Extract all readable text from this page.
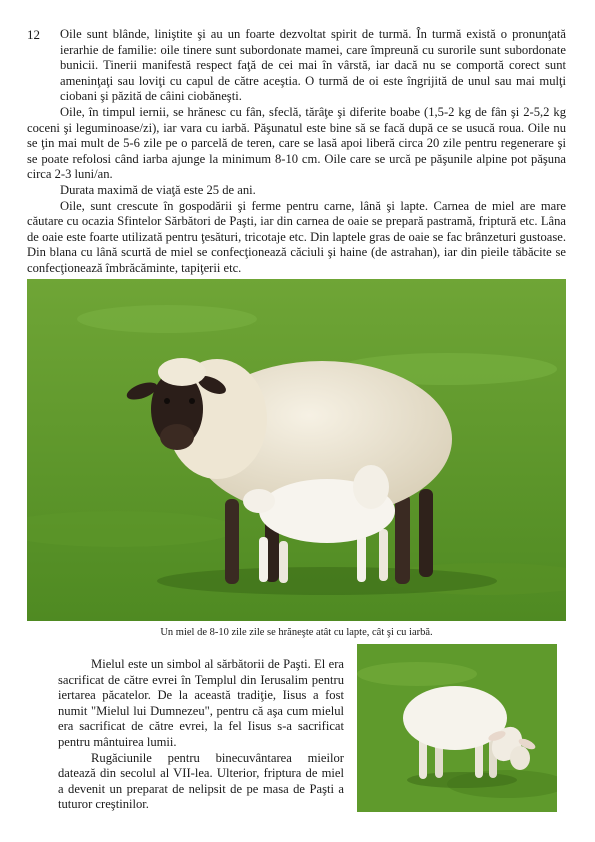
12	Oile sunt blânde, liniştite şi au un foarte dezvoltat spirit de turmă. În turmă există o pronunţată ierarhie de familie: oile tinere sunt subordonate mamei, care împreună cu surorile sunt subordonate bunicii. Tinerii manifestă respect faţă de cei mai în vârstă, iar dacă nu se comportă corect sunt ameninţaţi sau loviţi cu capul de către aceştia. O turmă de oi este îngrijită de unul sau mai mulţi ciobani şi păzită de câini ciobăneşti.

Oile, în timpul iernii, se hrănesc cu fân, sfeclă, tărâţe şi diferite boabe (1,5-2 kg de fân şi 2-5,2 kg coceni şi leguminoase/zi), iar vara cu iarbă. Păşunatul este bine să se facă după ce se usucă roua. Oile nu se ţin mai mult de 5-6 zile pe o parcelă de teren, care se lasă apoi liberă circa 20 zile pentru regenerare şi se poate refolosi când iarba ajunge la minimum 8-10 cm. Oile care se urcă pe păşunile alpine pot păşuna circa 2-3 luni/an.

Durata maximă de viaţă este 25 de ani.

Oile, sunt crescute în gospodării şi ferme pentru carne, lână şi lapte. Carnea de miel are mare căutare cu ocazia Sfintelor Sărbători de Paşti, iar din carnea de oaie se prepară pastramă, friptură etc. Lâna de oaie este foarte utilizată pentru ţesături, tricotaje etc. Din laptele gras de oaie se fac brânzeturi gustoase. Din blana cu lână scurtă de miel se confecţionează căciuli şi haine (de astrahan), iar din pieile tăbăcite se confecţionează îmbrăcăminte, tapiţerii etc.

Un miel de 8-10 zile zile se hrăneşte atât cu lapte, cât şi cu iarbă.

Mielul este un simbol al sărbătorii de Paşti. El era sacrificat de către evrei în Templul din Ierusalim pentru iertarea păcatelor. De la această tradiţie, Iisus a fost numit "Mielul lui Dumnezeu", pentru că aşa cum mielul era sacrificat de către evrei, la fel Iisus s-a sacrificat pentru mântuirea lumii.

Rugăciunile pentru binecuvântarea mieilor datează din secolul al VII-lea. Ulterior, friptura de miel a devenit un preparat de nelipsit de pe masa de Paşti a tuturor creştinilor.
